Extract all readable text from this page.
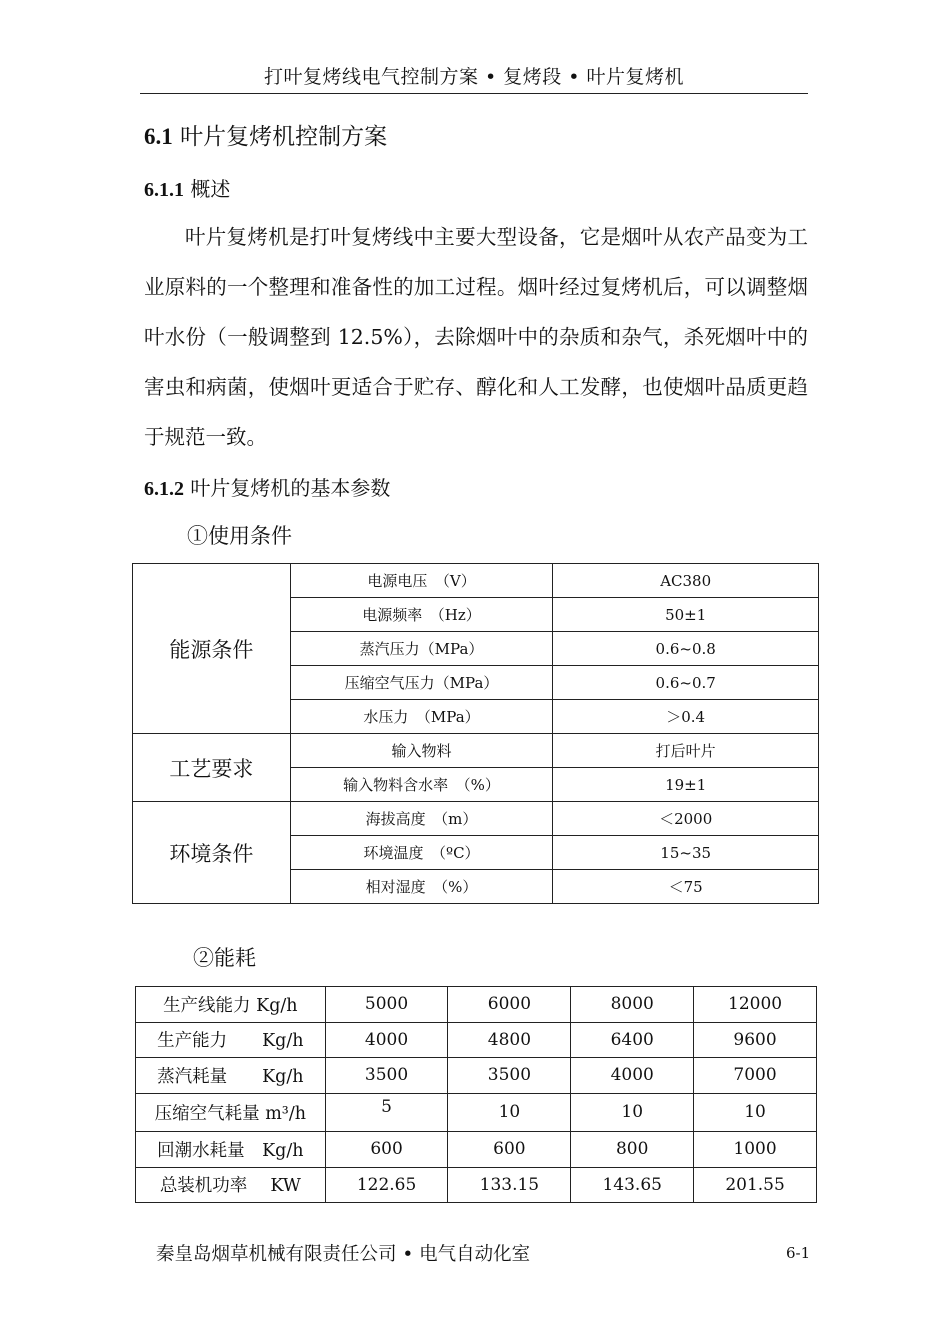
打叶复烤线电气控制方案 • 复烤段 • 叶片复烤机
6.1 叶片复烤机控制方案
6.1.1 概述

叶片复烤机是打叶复烤线中主要大型设备，它是烟叶从农产品变为工业原料的一个整理和准备性的加工过程。烟叶经过复烤机后，可以调整烟叶水份（一般调整到 12.5%），去除烟叶中的杂质和杂气，杀死烟叶中的害虫和病菌，使烟叶更适合于贮存、醇化和人工发酵，也使烟叶品质更趋于规范一致。

6.1.2 叶片复烤机的基本参数
①使用条件
能源条件	电源电压　（V）	AC380
	电源频率　（Hz）	50±1
	蒸汽压力（MPa）	0.6~0.8
	压缩空气压力（MPa）	0.6~0.7
	水压力　（MPa）	＞0.4
工艺要求	输入物料	打后叶片
	输入物料含水率　（%）	19±1
环境条件	海拔高度　（m）	＜2000
	环境温度　（ºC）	15~35
	相对湿度　（%）	＜75
②能耗
生产线能力 Kg/h	5000	6000	8000	12000
生产能力　　Kg/h	4000	4800	6400	9600
蒸汽耗量　　Kg/h	3500	3500	4000	7000
压缩空气耗量 m³/h	5	10	10	10
回潮水耗量　Kg/h	600	600	800	1000
总装机功率　 KW	122.65	133.15	143.65	201.55
秦皇岛烟草机械有限责任公司 • 电气自动化室	6-1
